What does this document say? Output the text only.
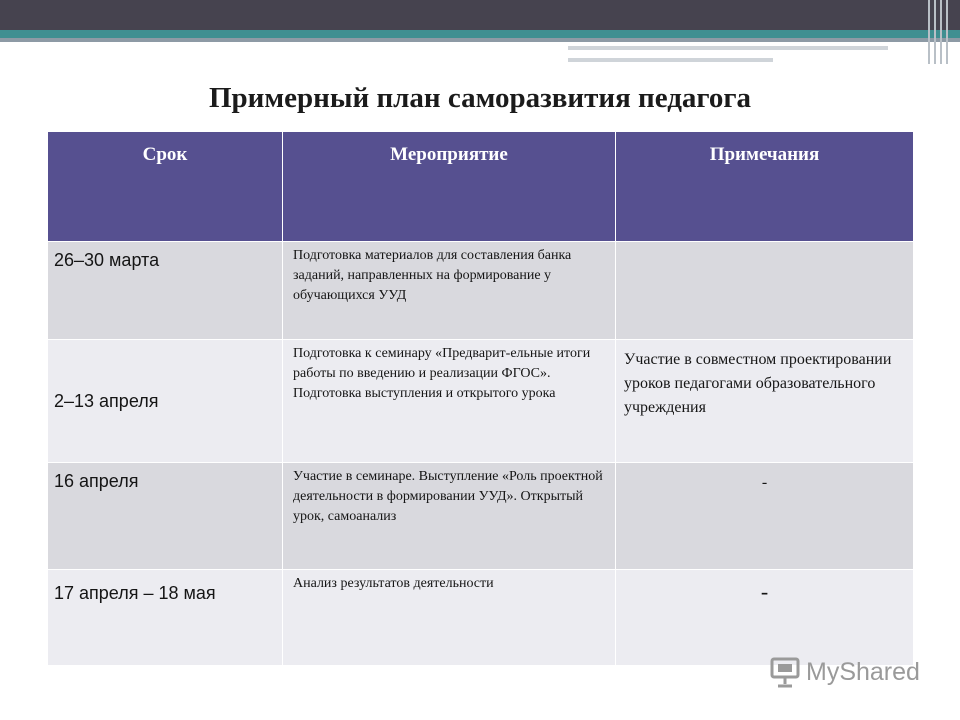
Примерный план саморазвития педагога
Срок	Мероприятие	Примечания
26–30 марта	Подготовка материалов для составления банка заданий, направленных на формирование у обучающихся УУД	
2–13 апреля	Подготовка к семинару «Предварит-ельные итоги работы по введению и реализации ФГОС». Подготовка выступления и открытого урока	Участие в совместном проектировании уроков педагогами образовательного учреждения
16 апреля	Участие в семинаре. Выступление «Роль проектной деятельности в формировании УУД». Открытый урок, самоанализ	-
17 апреля – 18 мая	Анализ результатов деятельности	-
MyShared
